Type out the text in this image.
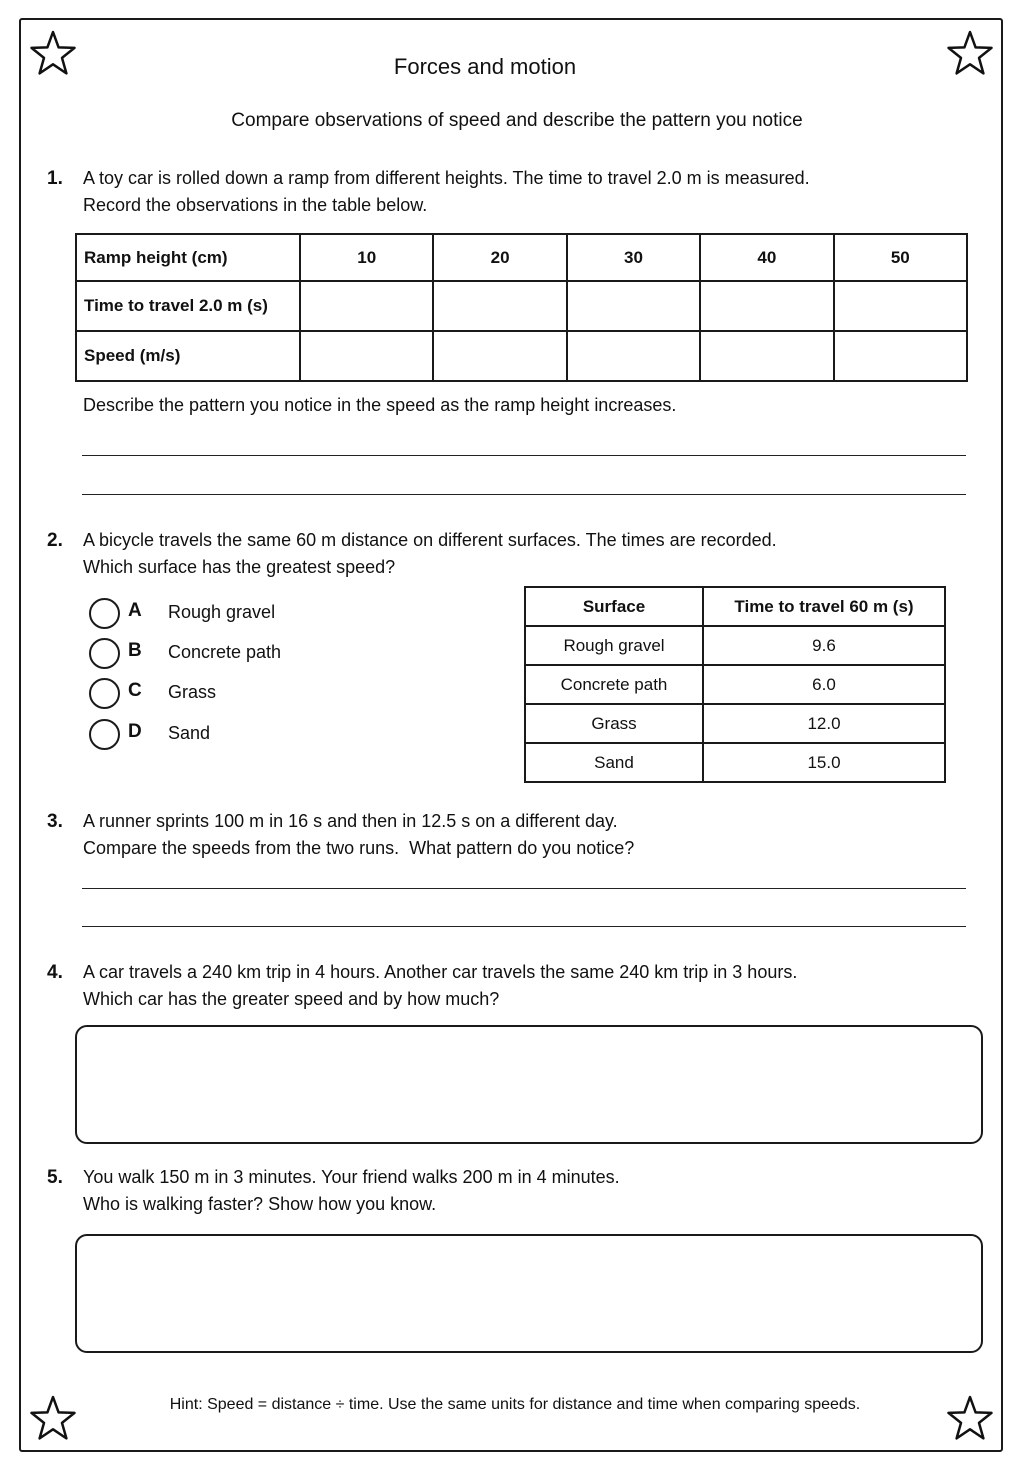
Forces and motion
Compare observations of speed and describe the pattern you notice
1. A toy car is rolled down a ramp from different heights. The time to travel 2.0 m is measured.
Record the observations in the table below.
Ramp height (cm)	10	20	30	40	50
Time to travel 2.0 m (s)					
Speed (m/s)					
Describe the pattern you notice in the speed as the ramp height increases.
2. A bicycle travels the same 60 m distance on different surfaces. The times are recorded.
Which surface has the greatest speed?
A Rough gravel
B Concrete path
C Grass
D Sand
Surface	Time to travel 60 m (s)
Rough gravel	9.6
Concrete path	6.0
Grass	12.0
Sand	15.0
3. A runner sprints 100 m in 16 s and then in 12.5 s on a different day.
Compare the speeds from the two runs.  What pattern do you notice?
4. A car travels a 240 km trip in 4 hours. Another car travels the same 240 km trip in 3 hours.
Which car has the greater speed and by how much?
5. You walk 150 m in 3 minutes. Your friend walks 200 m in 4 minutes.
Who is walking faster? Show how you know.
Hint: Speed = distance ÷ time. Use the same units for distance and time when comparing speeds.
